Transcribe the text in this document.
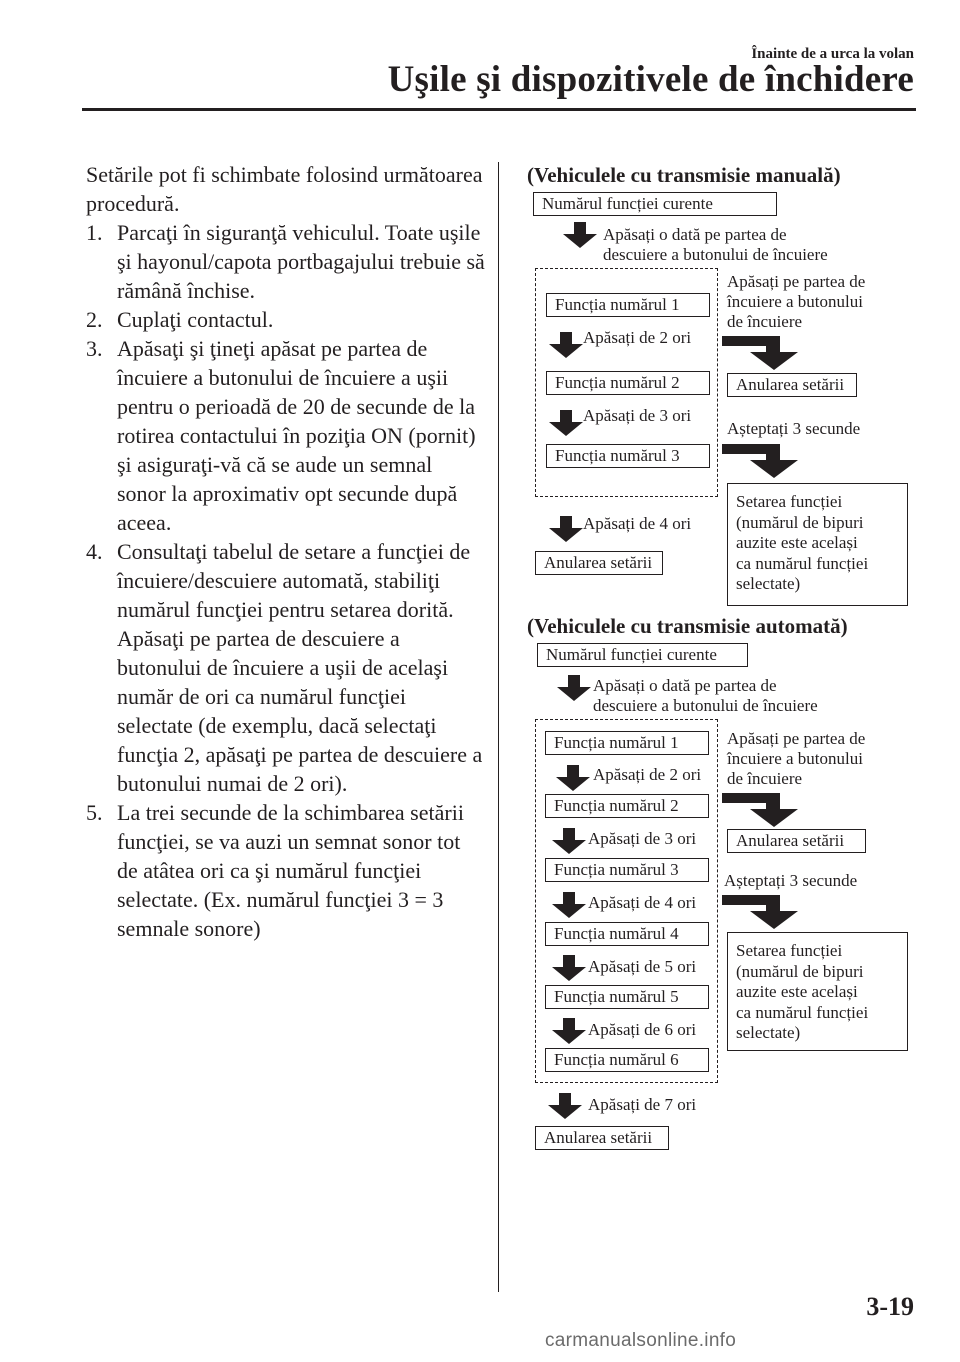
Înainte de a urca la volan
Uşile şi dispozitivele de închidere
Setările pot fi schimbate folosind următoarea procedură.
1. Parcaţi în siguranţă vehiculul. Toate uşile şi hayonul/capota portbagajului trebuie să rămână închise.
2. Cuplaţi contactul.
3. Apăsaţi şi ţineţi apăsat pe partea de încuiere a butonului de încuiere a uşii pentru o perioadă de 20 de secunde de la rotirea contactului în poziţia ON (pornit) şi asiguraţi-vă că se aude un semnal sonor la aproximativ opt secunde după aceea.
4. Consultaţi tabelul de setare a funcţiei de încuiere/descuiere automată, stabiliţi numărul funcţiei pentru setarea dorită. Apăsaţi pe partea de descuiere a butonului de încuiere a uşii de acelaşi număr de ori ca numărul funcţiei selectate (de exemplu, dacă selectaţi funcţia 2, apăsaţi pe partea de descuiere a butonului numai de 2 ori).
5. La trei secunde de la schimbarea setării funcţiei, se va auzi un semnat sonor tot de atâtea ori ca şi numărul funcţiei selectate. (Ex. numărul funcţiei 3 = 3 semnale sonore)
(Vehiculele cu transmisie manuală)
Numărul funcției curente
Apăsați o dată pe partea de
descuiere a butonului de încuiere
Funcția numărul 1
Apăsați de 2 ori
Funcția numărul 2
Apăsați de 3 ori
Funcția numărul 3
Apăsați de 4 ori
Anularea setării
Apăsați pe partea de
încuiere a butonului
de încuiere
Anularea setării
Așteptați 3 secunde
Setarea funcției
(numărul de bipuri
auzite este același
ca numărul funcției
selectate)
(Vehiculele cu transmisie automată)
Numărul funcției curente
Apăsați o dată pe partea de
descuiere a butonului de încuiere
Funcția numărul 1
Apăsați de 2 ori
Funcția numărul 2
Apăsați de 3 ori
Funcția numărul 3
Apăsați de 4 ori
Funcția numărul 4
Apăsați de 5 ori
Funcția numărul 5
Apăsați de 6 ori
Funcția numărul 6
Apăsați de 7 ori
Anularea setării
Apăsați pe partea de
încuiere a butonului
de încuiere
Anularea setării
Așteptați 3 secunde
Setarea funcției
(numărul de bipuri
auzite este același
ca numărul funcției
selectate)
3-19
carmanualsonline.info
